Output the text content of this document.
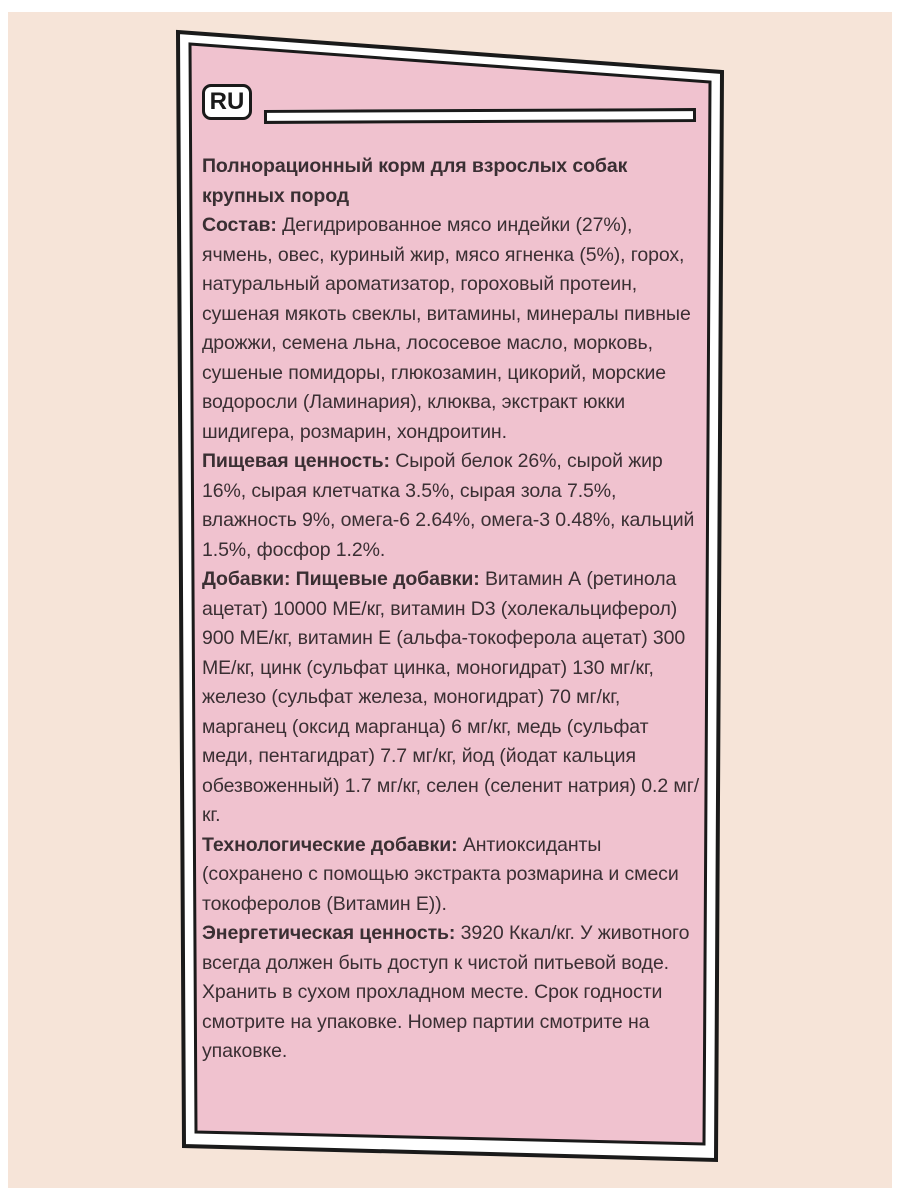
RU

Полнорационный корм для взрослых собак крупных пород

Состав: Дегидрированное мясо индейки (27%), ячмень, овес, куриный жир, мясо ягненка (5%), горох, натуральный ароматизатор, гороховый протеин, сушеная мякоть свеклы, витамины, минералы пивные дрожжи, семена льна, лососевое масло, морковь, сушеные помидоры, глюкозамин, цикорий, морские водоросли (Ламинария), клюква, экстракт юкки шидигера, розмарин, хондроитин.

Пищевая ценность: Сырой белок 26%, сырой жир 16%, сырая клетчатка 3.5%, сырая зола 7.5%, влажность 9%, омега-6 2.64%, омега-3 0.48%, кальций 1.5%, фосфор 1.2%.

Добавки: Пищевые добавки: Витамин А (ретинола ацетат) 10000 МЕ/кг, витамин D3 (холекальциферол) 900 МЕ/кг, витамин Е (альфа-токоферола ацетат) 300 МЕ/кг, цинк (сульфат цинка, моногидрат) 130 мг/кг, железо (сульфат железа, моногидрат) 70 мг/кг, марганец (оксид марганца) 6 мг/кг, медь (сульфат меди, пентагидрат) 7.7 мг/кг, йод (йодат кальция обезвоженный) 1.7 мг/кг, селен (селенит натрия) 0.2 мг/кг.

Технологические добавки: Антиоксиданты (сохранено с помощью экстракта розмарина и смеси токоферолов (Витамин Е)).

Энергетическая ценность: 3920 Ккал/кг. У животного всегда должен быть доступ к чистой питьевой воде. Хранить в сухом прохладном месте. Срок годности смотрите на упаковке. Номер партии смотрите на упаковке.
